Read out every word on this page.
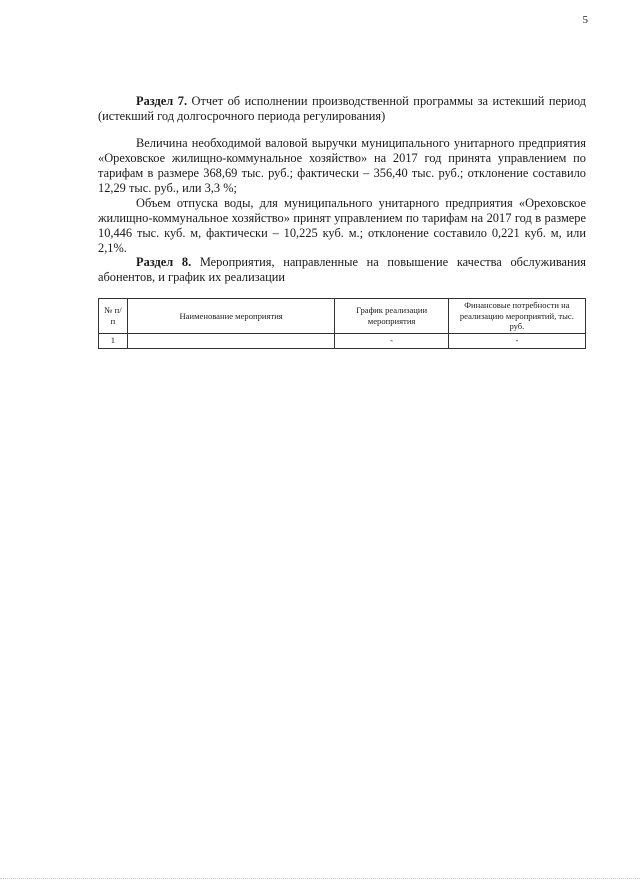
5

Раздел 7. Отчет об исполнении производственной программы за истекший период (истекший год долгосрочного периода регулирования)

Величина необходимой валовой выручки муниципального унитарного предприятия «Ореховское жилищно-коммунальное хозяйство» на 2017 год принята управлением по тарифам в размере 368,69 тыс. руб.; фактически – 356,40 тыс. руб.; отклонение составило 12,29 тыс. руб., или 3,3 %;

Объем отпуска воды, для муниципального унитарного предприятия «Ореховское жилищно-коммунальное хозяйство» принят управлением по тарифам на 2017 год в размере 10,446 тыс. куб. м, фактически – 10,225 куб. м.; отклонение составило 0,221 куб. м, или 2,1%.

Раздел 8. Мероприятия, направленные на повышение качества обслуживания абонентов, и график их реализации

№ п/п	Наименование мероприятия	График реализации мероприятия	Финансовые потребности на реализацию мероприятий, тыс. руб.
1		-	-
